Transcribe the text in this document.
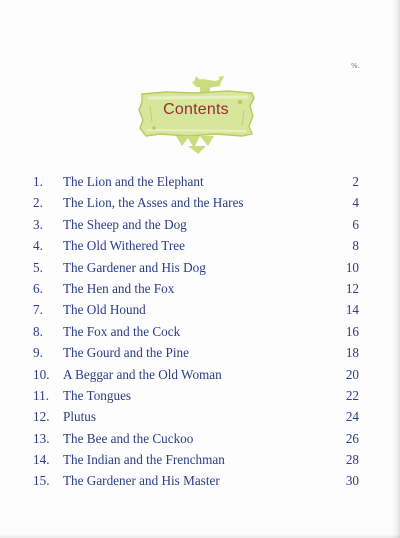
%.
Contents
1. The Lion and the Elephant	2
2. The Lion, the Asses and the Hares	4
3. The Sheep and the Dog	6
4. The Old Withered Tree	8
5. The Gardener and His Dog	10
6. The Hen and the Fox	12
7. The Old Hound	14
8. The Fox and the Cock	16
9. The Gourd and the Pine	18
10. A Beggar and the Old Woman	20
11. The Tongues	22
12. Plutus	24
13. The Bee and the Cuckoo	26
14. The Indian and the Frenchman	28
15. The Gardener and His Master	30
